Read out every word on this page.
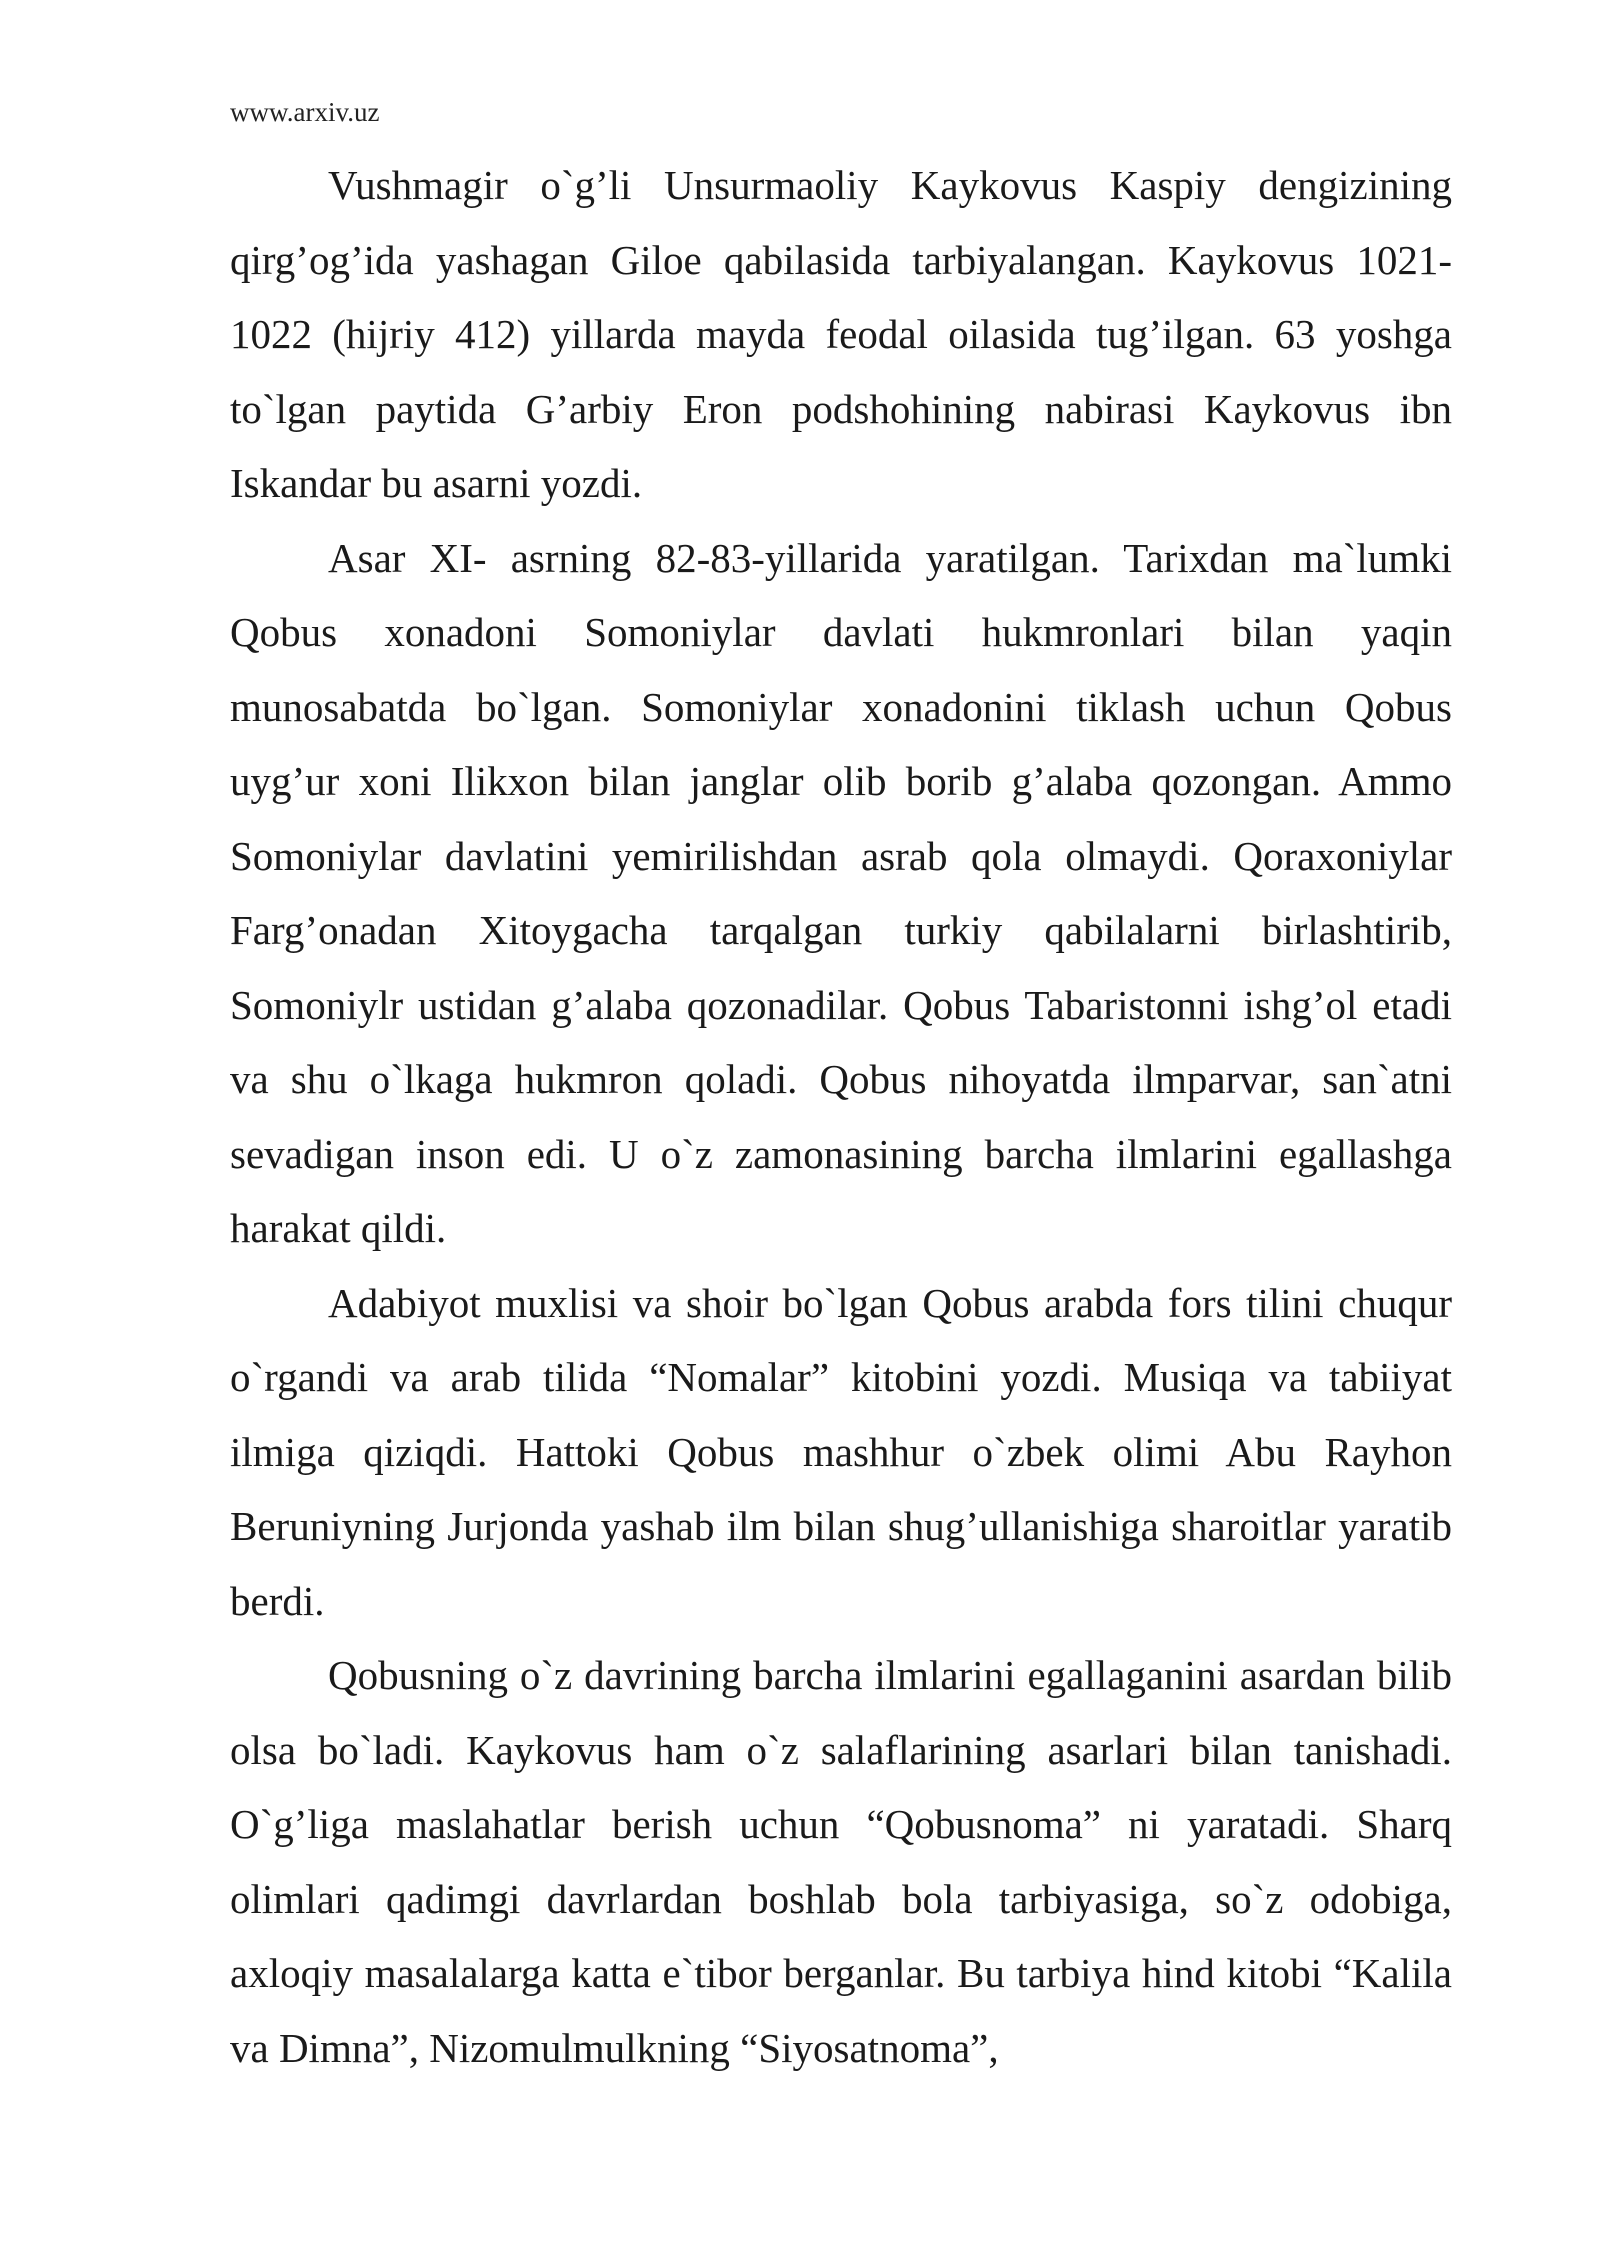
www.arxiv.uz

Vushmagir o`g’li Unsurmaoliy Kaykovus Kaspiy dengizining qirg’og’ida yashagan Giloe qabilasida tarbiyalangan. Kaykovus 1021-1022 (hijriy 412) yillarda mayda feodal oilasida tug’ilgan. 63 yoshga to`lgan paytida G’arbiy Eron podshohining nabirasi Kaykovus ibn Iskandar bu asarni yozdi.

Asar XI- asrning 82-83-yillarida yaratilgan. Tarixdan ma`lumki Qobus xonadoni Somoniylar davlati hukmronlari bilan yaqin munosabatda bo`lgan. Somoniylar xonadonini tiklash uchun Qobus uyg’ur xoni Ilikxon bilan janglar olib borib g’alaba qozongan. Ammo Somoniylar davlatini yemirilishdan asrab qola olmaydi. Qoraxoniylar Farg’onadan Xitoygacha tarqalgan turkiy qabilalarni birlashtirib, Somoniylr ustidan g’alaba qozonadilar. Qobus Tabaristonni ishg’ol etadi va shu o`lkaga hukmron qoladi. Qobus nihoyatda ilmparvar, san`atni sevadigan inson edi. U o`z zamonasining barcha ilmlarini egallashga harakat qildi.

Adabiyot muxlisi va shoir bo`lgan Qobus arabda fors tilini chuqur o`rgandi va arab tilida “Nomalar” kitobini yozdi. Musiqa va tabiiyat ilmiga qiziqdi. Hattoki Qobus mashhur o`zbek olimi Abu Rayhon Beruniyning Jurjonda yashab ilm bilan shug’ullanishiga sharoitlar yaratib berdi.

Qobusning o`z davrining barcha ilmlarini egallaganini asardan bilib olsa bo`ladi. Kaykovus ham o`z salaflarining asarlari bilan tanishadi. O`g’liga maslahatlar berish uchun “Qobusnoma” ni yaratadi. Sharq olimlari qadimgi davrlardan boshlab bola tarbiyasiga, so`z odobiga, axloqiy masalalarga katta e`tibor berganlar. Bu tarbiya hind kitobi “Kalila va Dimna”, Nizomulmulkning “Siyosatnoma”,
